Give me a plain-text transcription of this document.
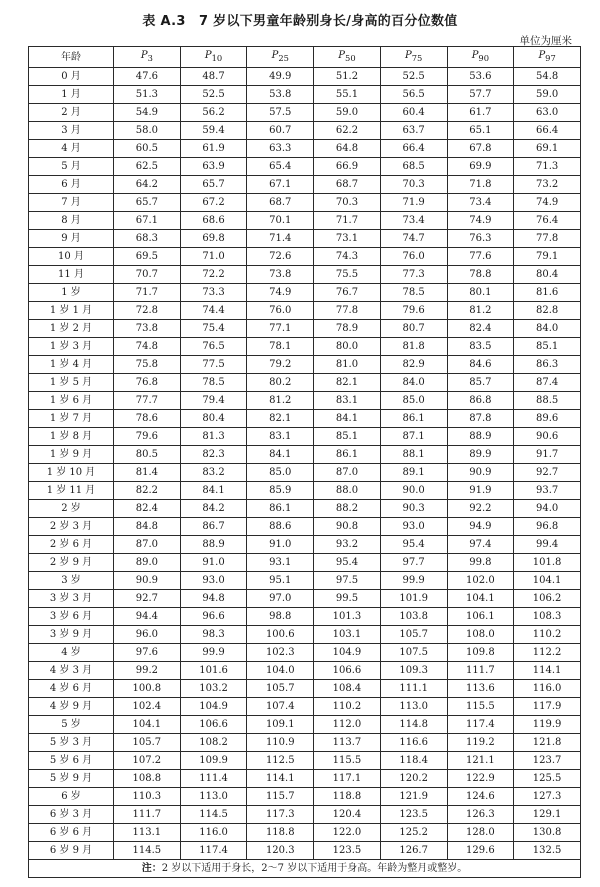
表 A.3　7 岁以下男童年龄别身长/身高的百分位数值
单位为厘米
年龄	$P_3$	$P_{10}$	$P_{25}$	$P_{50}$	$P_{75}$	$P_{90}$	$P_{97}$
0 月	47.6	48.7	49.9	51.2	52.5	53.6	54.8
1 月	51.3	52.5	53.8	55.1	56.5	57.7	59.0
2 月	54.9	56.2	57.5	59.0	60.4	61.7	63.0
3 月	58.0	59.4	60.7	62.2	63.7	65.1	66.4
4 月	60.5	61.9	63.3	64.8	66.4	67.8	69.1
5 月	62.5	63.9	65.4	66.9	68.5	69.9	71.3
6 月	64.2	65.7	67.1	68.7	70.3	71.8	73.2
7 月	65.7	67.2	68.7	70.3	71.9	73.4	74.9
8 月	67.1	68.6	70.1	71.7	73.4	74.9	76.4
9 月	68.3	69.8	71.4	73.1	74.7	76.3	77.8
10 月	69.5	71.0	72.6	74.3	76.0	77.6	79.1
11 月	70.7	72.2	73.8	75.5	77.3	78.8	80.4
1 岁	71.7	73.3	74.9	76.7	78.5	80.1	81.6
1 岁 1 月	72.8	74.4	76.0	77.8	79.6	81.2	82.8
1 岁 2 月	73.8	75.4	77.1	78.9	80.7	82.4	84.0
1 岁 3 月	74.8	76.5	78.1	80.0	81.8	83.5	85.1
1 岁 4 月	75.8	77.5	79.2	81.0	82.9	84.6	86.3
1 岁 5 月	76.8	78.5	80.2	82.1	84.0	85.7	87.4
1 岁 6 月	77.7	79.4	81.2	83.1	85.0	86.8	88.5
1 岁 7 月	78.6	80.4	82.1	84.1	86.1	87.8	89.6
1 岁 8 月	79.6	81.3	83.1	85.1	87.1	88.9	90.6
1 岁 9 月	80.5	82.3	84.1	86.1	88.1	89.9	91.7
1 岁 10 月	81.4	83.2	85.0	87.0	89.1	90.9	92.7
1 岁 11 月	82.2	84.1	85.9	88.0	90.0	91.9	93.7
2 岁	82.4	84.2	86.1	88.2	90.3	92.2	94.0
2 岁 3 月	84.8	86.7	88.6	90.8	93.0	94.9	96.8
2 岁 6 月	87.0	88.9	91.0	93.2	95.4	97.4	99.4
2 岁 9 月	89.0	91.0	93.1	95.4	97.7	99.8	101.8
3 岁	90.9	93.0	95.1	97.5	99.9	102.0	104.1
3 岁 3 月	92.7	94.8	97.0	99.5	101.9	104.1	106.2
3 岁 6 月	94.4	96.6	98.8	101.3	103.8	106.1	108.3
3 岁 9 月	96.0	98.3	100.6	103.1	105.7	108.0	110.2
4 岁	97.6	99.9	102.3	104.9	107.5	109.8	112.2
4 岁 3 月	99.2	101.6	104.0	106.6	109.3	111.7	114.1
4 岁 6 月	100.8	103.2	105.7	108.4	111.1	113.6	116.0
4 岁 9 月	102.4	104.9	107.4	110.2	113.0	115.5	117.9
5 岁	104.1	106.6	109.1	112.0	114.8	117.4	119.9
5 岁 3 月	105.7	108.2	110.9	113.7	116.6	119.2	121.8
5 岁 6 月	107.2	109.9	112.5	115.5	118.4	121.1	123.7
5 岁 9 月	108.8	111.4	114.1	117.1	120.2	122.9	125.5
6 岁	110.3	113.0	115.7	118.8	121.9	124.6	127.3
6 岁 3 月	111.7	114.5	117.3	120.4	123.5	126.3	129.1
6 岁 6 月	113.1	116.0	118.8	122.0	125.2	128.0	130.8
6 岁 9 月	114.5	117.4	120.3	123.5	126.7	129.6	132.5
注：2 岁以下适用于身长，2〜7 岁以下适用于身高。年龄为整月或整岁。							
